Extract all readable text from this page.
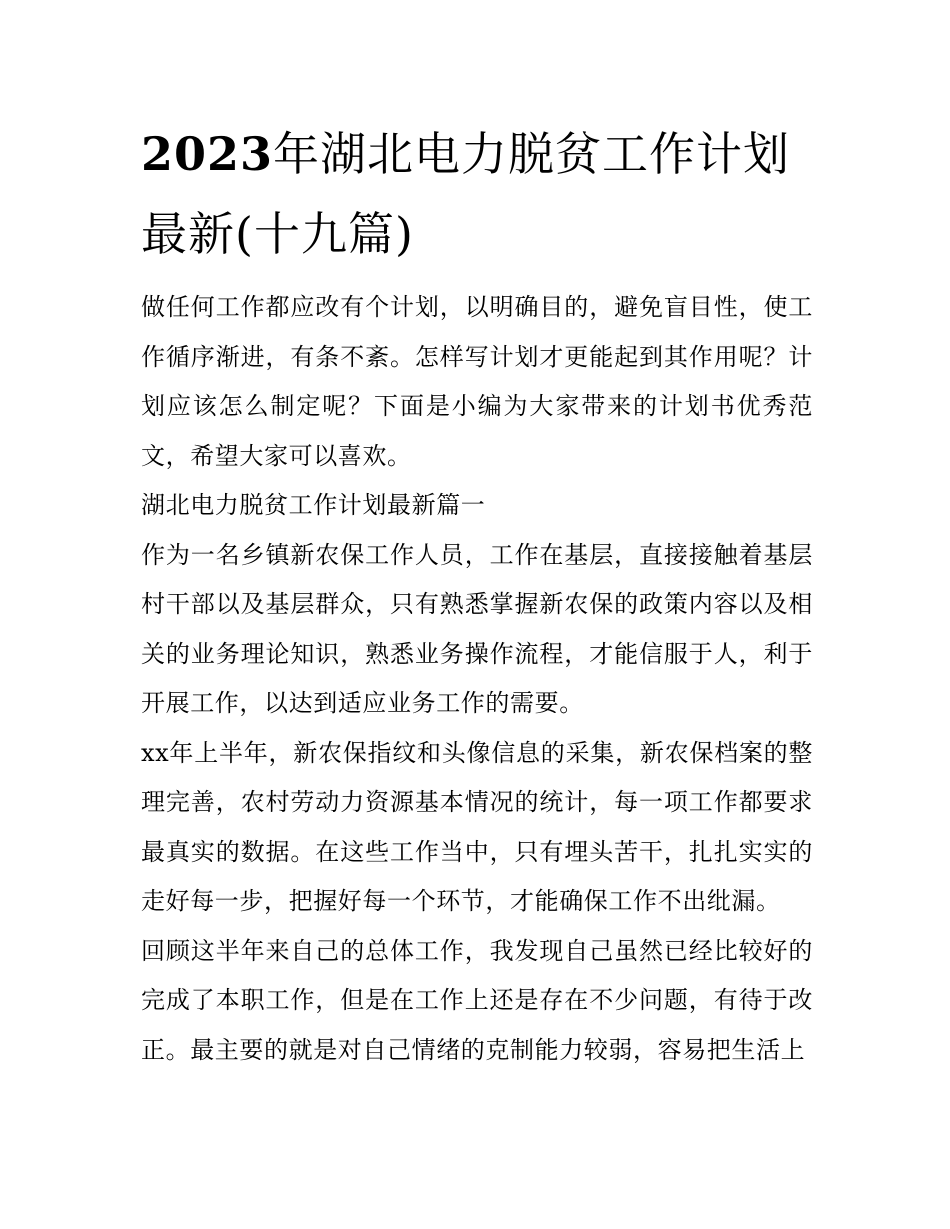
2023年湖北电力脱贫工作计划最新(十九篇)

做任何工作都应改有个计划，以明确目的，避免盲目性，使工作循序渐进，有条不紊。怎样写计划才更能起到其作用呢？计划应该怎么制定呢？下面是小编为大家带来的计划书优秀范文，希望大家可以喜欢。

湖北电力脱贫工作计划最新篇一

作为一名乡镇新农保工作人员，工作在基层，直接接触着基层村干部以及基层群众，只有熟悉掌握新农保的政策内容以及相关的业务理论知识，熟悉业务操作流程，才能信服于人，利于开展工作，以达到适应业务工作的需要。

xx年上半年，新农保指纹和头像信息的采集，新农保档案的整理完善，农村劳动力资源基本情况的统计，每一项工作都要求最真实的数据。在这些工作当中，只有埋头苦干，扎扎实实的走好每一步，把握好每一个环节，才能确保工作不出纰漏。

回顾这半年来自己的总体工作，我发现自己虽然已经比较好的完成了本职工作，但是在工作上还是存在不少问题，有待于改正。最主要的就是对自己情绪的克制能力较弱，容易把生活上
